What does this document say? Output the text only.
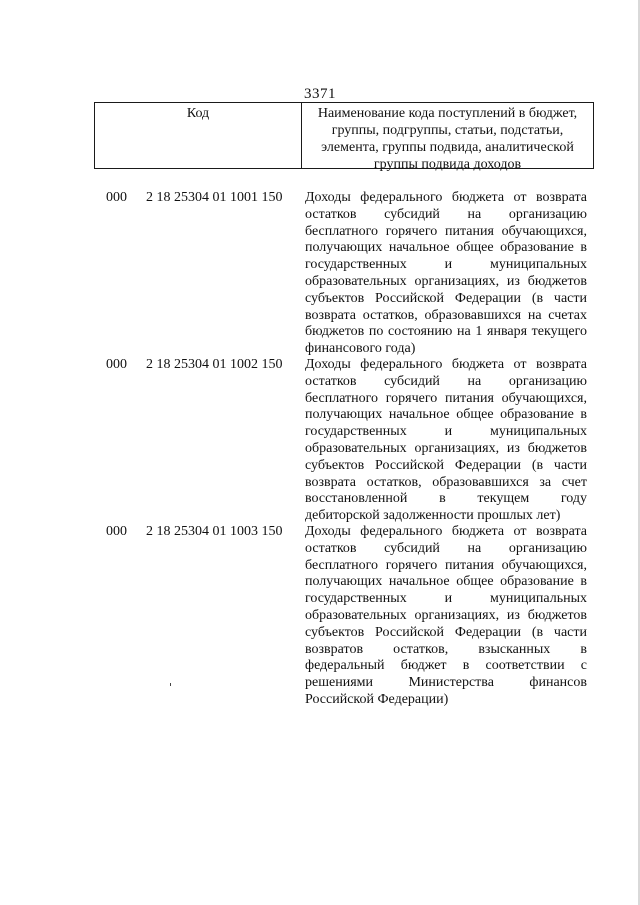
3371
Код	Наименование кода поступлений в бюджет,
группы, подгруппы, статьи, подстатьи,
элемента, группы подвида, аналитической
группы подвида доходов
000 2 18 25304 01 1001 150 Доходы федерального бюджета от возврата
остатков субсидий на организацию
бесплатного горячего питания обучающихся,
получающих начальное общее образование в
государственных и муниципальных
образовательных организациях, из бюджетов
субъектов Российской Федерации (в части
возврата остатков, образовавшихся на счетах
бюджетов по состоянию на 1 января текущего
финансового года)
000 2 18 25304 01 1002 150 Доходы федерального бюджета от возврата
остатков субсидий на организацию
бесплатного горячего питания обучающихся,
получающих начальное общее образование в
государственных и муниципальных
образовательных организациях, из бюджетов
субъектов Российской Федерации (в части
возврата остатков, образовавшихся за счет
восстановленной в текущем году
дебиторской задолженности прошлых лет)
000 2 18 25304 01 1003 150 Доходы федерального бюджета от возврата
остатков субсидий на организацию
бесплатного горячего питания обучающихся,
получающих начальное общее образование в
государственных и муниципальных
образовательных организациях, из бюджетов
субъектов Российской Федерации (в части
возвратов остатков, взысканных в
федеральный бюджет в соответствии с
решениями Министерства финансов
Российской Федерации)
